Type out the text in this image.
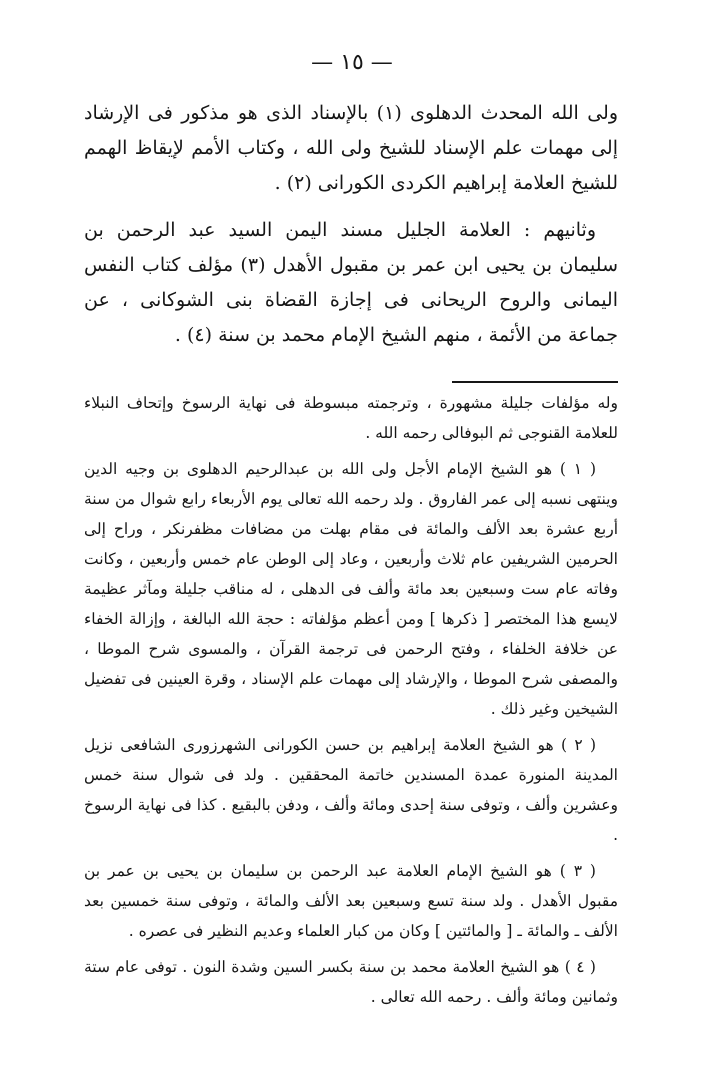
— ١٥ —

ولى الله المحدث الدهلوى (١) بالإسناد الذى هو مذكور فى الإرشاد إلى مهمات علم الإسناد للشيخ ولى الله ، وكتاب الأمم لإيقاظ الهمم للشيخ العلامة إبراهيم الكردى الكورانى (٢) .

وثانيهم : العلامة الجليل مسند اليمن السيد عبد الرحمن بن سليمان بن يحيى ابن عمر بن مقبول الأهدل (٣) مؤلف كتاب النفس اليمانى والروح الريحانى فى إجازة القضاة بنى الشوكانى ، عن جماعة من الأئمة ، منهم الشيخ الإمام محمد بن سنة (٤) .

وله مؤلفات جليلة مشهورة ، وترجمته مبسوطة فى نهاية الرسوخ وإتحاف النبلاء للعلامة القنوجى ثم البوفالى رحمه الله .

( ١ ) هو الشيخ الإمام الأجل ولى الله بن عبدالرحيم الدهلوى بن وجيه الدين وينتهى نسبه إلى عمر الفاروق . ولد رحمه الله تعالى يوم الأربعاء رابع شوال من سنة أربع عشرة بعد الألف والمائة فى مقام بهلت من مضافات مظفرنكر ، وراح إلى الحرمين الشريفين عام ثلاث وأربعين ، وعاد إلى الوطن عام خمس وأربعين ، وكانت وفاته عام ست وسبعين بعد مائة وألف فى الدهلى ، له مناقب جليلة ومآثر عظيمة لايسع هذا المختصر [ ذكرها ] ومن أعظم مؤلفاته : حجة الله البالغة ، وإزالة الخفاء عن خلافة الخلفاء ، وفتح الرحمن فى ترجمة القرآن ، والمسوى شرح الموطا ، والمصفى شرح الموطا ، والإرشاد إلى مهمات علم الإسناد ، وقرة العينين فى تفضيل الشيخين وغير ذلك .

( ٢ ) هو الشيخ العلامة إبراهيم بن حسن الكورانى الشهرزورى الشافعى نزيل المدينة المنورة عمدة المسندين خاتمة المحققين . ولد فى شوال سنة خمس وعشرين وألف ، وتوفى سنة إحدى ومائة وألف ، ودفن بالبقيع . كذا فى نهاية الرسوخ .

( ٣ ) هو الشيخ الإمام العلامة عبد الرحمن بن سليمان بن يحيى بن عمر بن مقبول الأهدل . ولد سنة تسع وسبعين بعد الألف والمائة ، وتوفى سنة خمسين بعد الألف ـ والمائة ـ [ والمائتين ] وكان من كبار العلماء وعديم النظير فى عصره .

( ٤ ) هو الشيخ العلامة محمد بن سنة بكسر السين وشدة النون . توفى عام ستة وثمانين ومائة وألف . رحمه الله تعالى .
